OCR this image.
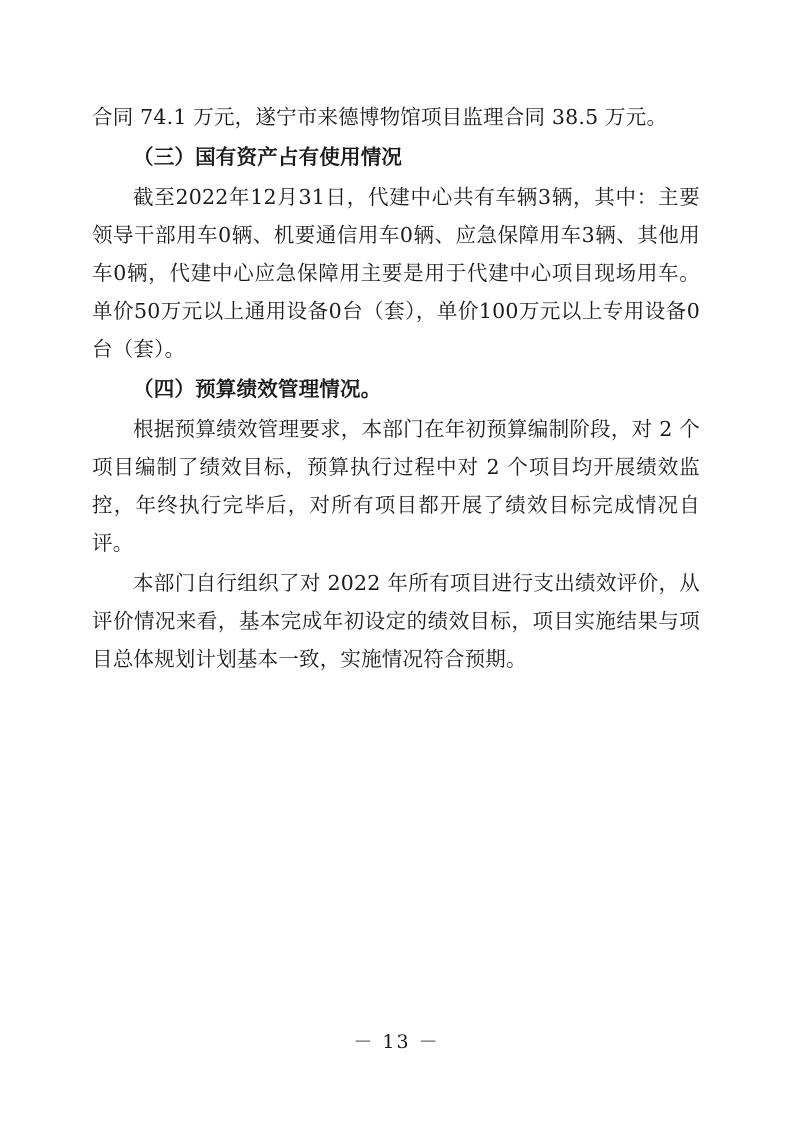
合同 74.1 万元，遂宁市来德博物馆项目监理合同 38.5 万元。

（三）国有资产占有使用情况

截至2022年12月31日，代建中心共有车辆3辆，其中：主要领导干部用车0辆、机要通信用车0辆、应急保障用车3辆、其他用车0辆，代建中心应急保障用主要是用于代建中心项目现场用车。单价50万元以上通用设备0台（套），单价100万元以上专用设备0台（套）。

（四）预算绩效管理情况。

根据预算绩效管理要求，本部门在年初预算编制阶段，对 2 个项目编制了绩效目标，预算执行过程中对 2 个项目均开展绩效监控，年终执行完毕后，对所有项目都开展了绩效目标完成情况自评。

本部门自行组织了对 2022 年所有项目进行支出绩效评价，从评价情况来看，基本完成年初设定的绩效目标，项目实施结果与项目总体规划计划基本一致，实施情况符合预期。

－ 13 －
